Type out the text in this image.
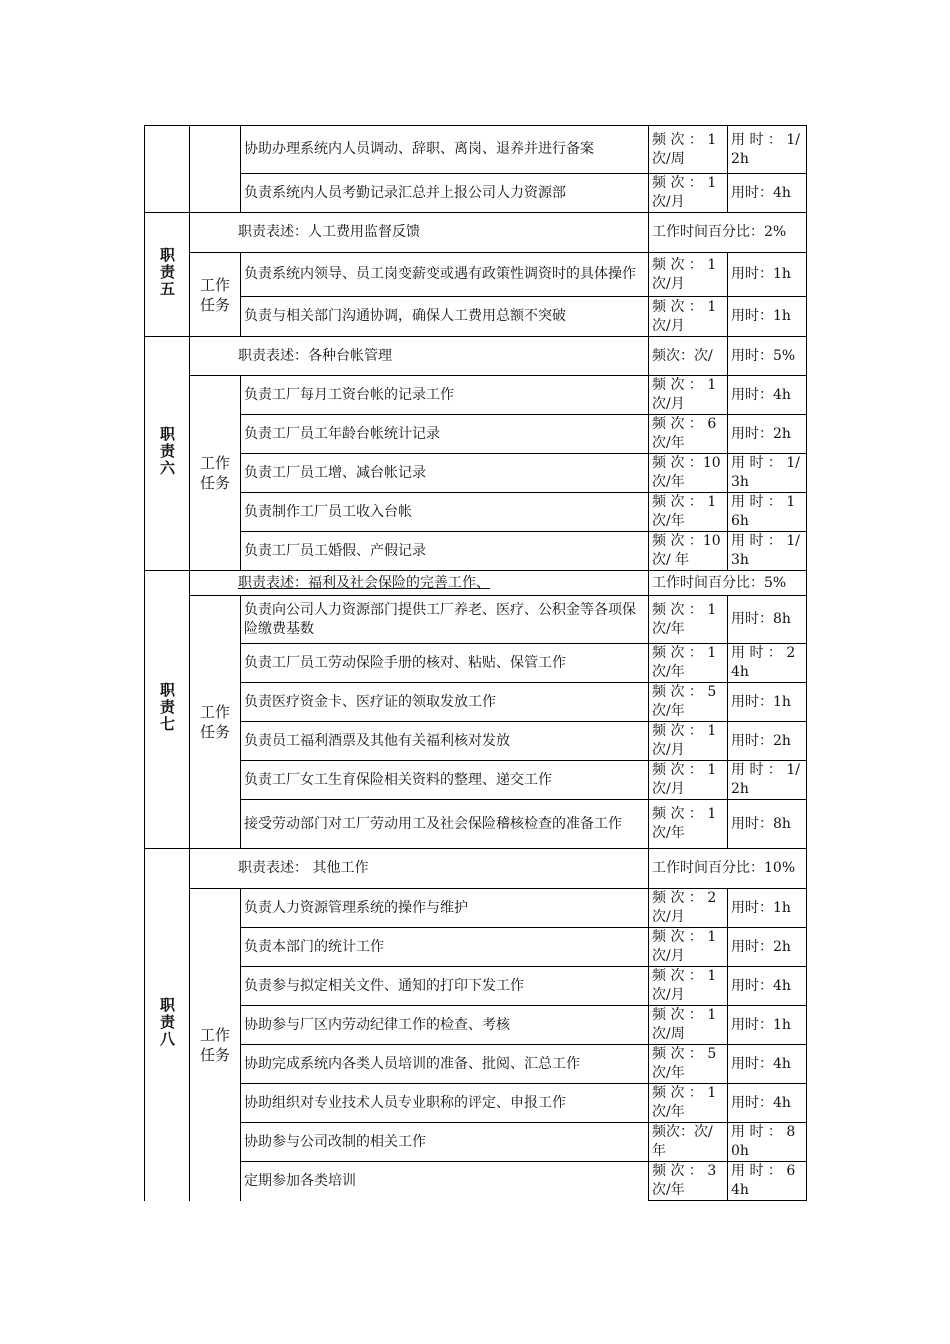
		协助办理系统内人员调动、辞职、离岗、退养并进行备案	频 次 ： 1次/周	用 时 ： 1/2h
		负责系统内人员考勤记录汇总并上报公司人力资源部	频 次 ： 1次/月	用时：4h
职责五	职责表述：人工费用监督反馈		工作时间百分比：2%	
	工作任务	负责系统内领导、员工岗变薪变或遇有政策性调资时的具体操作	频 次 ： 1次/月	用时：1h
		负责与相关部门沟通协调，确保人工费用总额不突破	频 次 ： 1次/月	用时：1h
职责六	职责表述：各种台帐管理		频次：次/	用时：5%
	工作任务	负责工厂每月工资台帐的记录工作	频 次 ： 1次/月	用时：4h
		负责工厂员工年龄台帐统计记录	频 次 ： 6次/年	用时：2h
		负责工厂员工增、减台帐记录	频 次 ：10次/年	用 时 ： 1/3h
		负责制作工厂员工收入台帐	频 次 ： 1次/年	用 时 ： 16h
		负责工厂员工婚假、产假记录	频 次 ：10次/ 年	用 时 ： 1/3h
职责七	职责表述：福利及社会保险的完善工作、		工作时间百分比：5%	
	工作任务	负责向公司人力资源部门提供工厂养老、医疗、公积金等各项保险缴费基数	频 次 ： 1次/年	用时：8h
		负责工厂员工劳动保险手册的核对、粘贴、保管工作	频 次 ： 1次/年	用 时 ： 24h
		负责医疗资金卡、医疗证的领取发放工作	频 次 ： 5次/年	用时：1h
		负责员工福利酒票及其他有关福利核对发放	频 次 ： 1次/月	用时：2h
		负责工厂女工生育保险相关资料的整理、递交工作	频 次 ： 1次/月	用 时 ： 1/2h
		接受劳动部门对工厂劳动用工及社会保险稽核检查的准备工作	频 次 ： 1次/年	用时：8h
职责八	职责表述： 其他工作		工作时间百分比：10%	
	工作任务	负责人力资源管理系统的操作与维护	频 次 ： 2次/月	用时：1h
		负责本部门的统计工作	频 次 ： 1次/月	用时：2h
		负责参与拟定相关文件、通知的打印下发工作	频 次 ： 1次/月	用时：4h
		协助参与厂区内劳动纪律工作的检查、考核	频 次 ： 1次/周	用时：1h
		协助完成系统内各类人员培训的准备、批阅、汇总工作	频 次 ： 5次/年	用时：4h
		协助组织对专业技术人员专业职称的评定、申报工作	频 次 ： 1次/年	用时：4h
		协助参与公司改制的相关工作	频次：次/年	用 时 ： 80h
		定期参加各类培训	频 次 ： 3次/年	用 时 ： 64h
